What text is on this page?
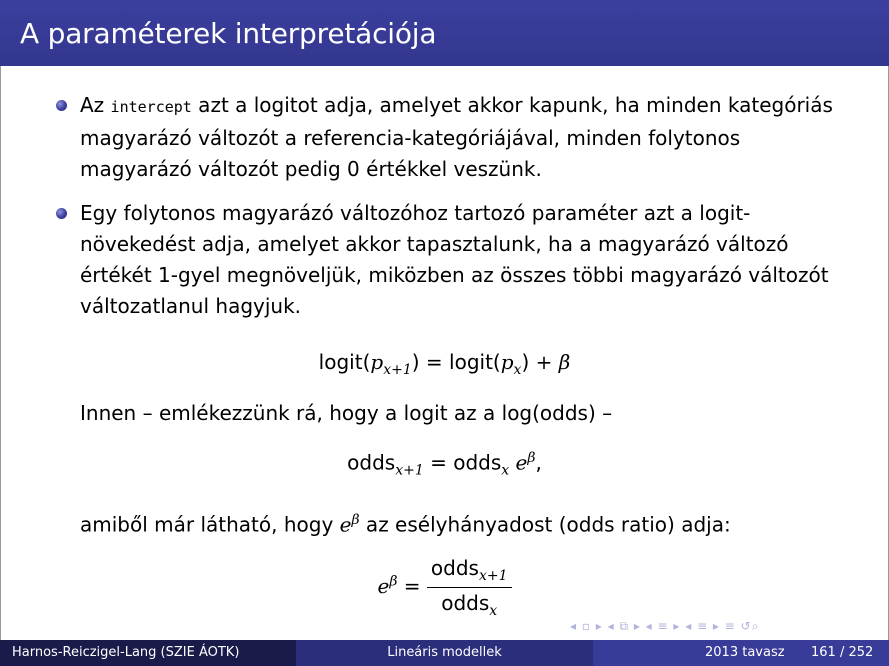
A paraméterek interpretációja
Az intercept azt a logitot adja, amelyet akkor kapunk, ha minden kategóriás magyarázó változót a referencia-kategóriájával, minden folytonos magyarázó változót pedig 0 értékkel veszünk.
Egy folytonos magyarázó változóhoz tartozó paraméter azt a logit-növekedést adja, amelyet akkor tapasztalunk, ha a magyarázó változó értékét 1-gyel megnöveljük, miközben az összes többi magyarázó változót változatlanul hagyjuk.
$logit(p_{x+1})$ = $logit(p_x) + \beta$
Innen – emlékezzünk rá, hogy a logit az a log(odds) –
odds$_{x+1}$ = odds$_x$ $e^\beta$,
amiből már látható, hogy $e^\beta$ az esélyhányadost (odds ratio) adja:
$e^\beta = \frac{odds_{x+1}}{odds_x}$
◂ ▫ ▸ ◂ ⧉ ▸ ◂ ≡ ▸ ◂ ≡ ▸ ≡ ↺⌕
Harnos-Reiczigel-Lang (SZIE ÁOTK)	Lineáris modellek	2013 tavasz 161 / 252
